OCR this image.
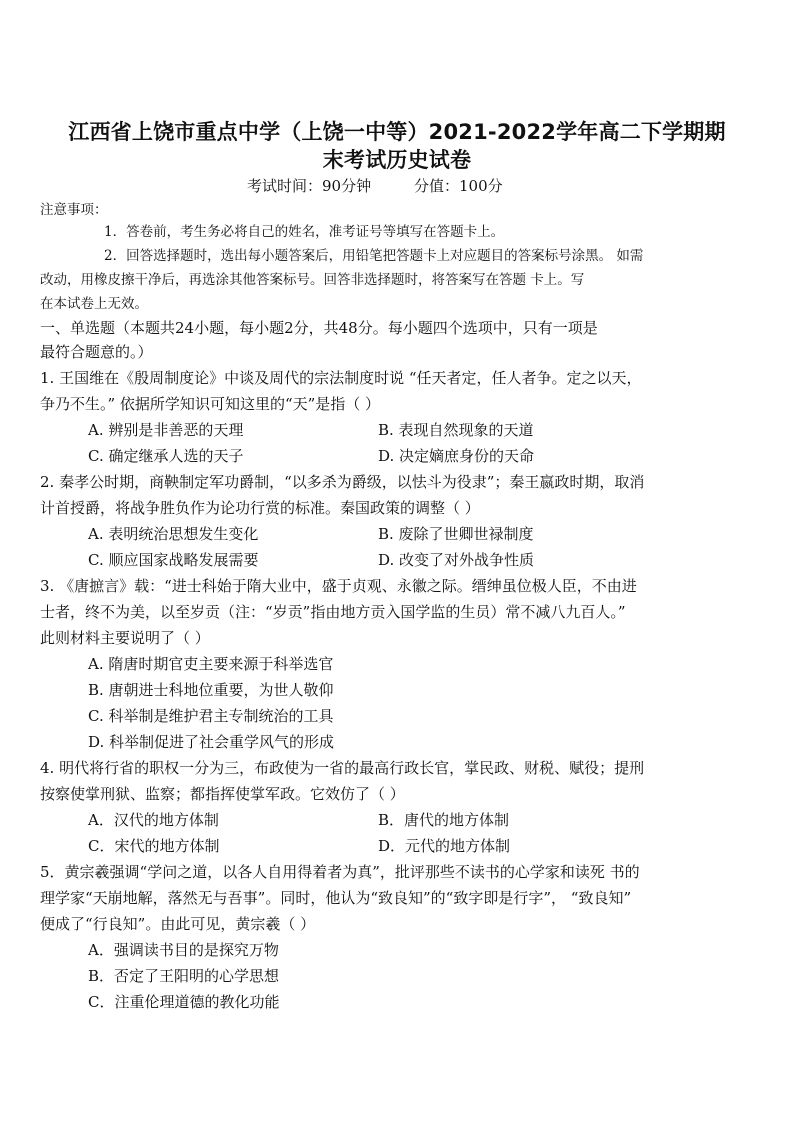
江西省上饶市重点中学（上饶一中等）2021-2022学年高二下学期期
末考试历史试卷
考试时间：90分钟	分值：100分
注意事项：
1．答卷前，考生务必将自己的姓名，准考证号等填写在答题卡上。
2．回答选择题时，选出每小题答案后，用铅笔把答题卡上对应题目的答案标号涂黑。 如需
改动，用橡皮擦干净后，再选涂其他答案标号。回答非选择题时，将答案写在答题 卡上。写
在本试卷上无效。
一、单选题（本题共24小题，每小题2分，共48分。每小题四个选项中，只有一项是
最符合题意的。）
1. 王国维在《殷周制度论》中谈及周代的宗法制度时说 “任天者定，任人者争。定之以天，
争乃不生。” 依据所学知识可知这里的“天”是指（ ）
A. 辨别是非善恶的天理	B. 表现自然现象的天道
C. 确定继承人选的天子	D. 决定嫡庶身份的天命
2. 秦孝公时期，商鞅制定军功爵制，“以多杀为爵级，以怯斗为役隶”；秦王嬴政时期，取消
计首授爵，将战争胜负作为论功行赏的标准。秦国政策的调整（ ）
A. 表明统治思想发生变化	B. 废除了世卿世禄制度
C. 顺应国家战略发展需要	D. 改变了对外战争性质
3. 《唐摭言》载：“进士科始于隋大业中，盛于贞观、永徽之际。缙绅虽位极人臣，不由进
士者，终不为美，以至岁贡（注：“岁贡”指由地方贡入国学监的生员）常不减八九百人。”
此则材料主要说明了（ ）
A. 隋唐时期官吏主要来源于科举选官
B. 唐朝进士科地位重要，为世人敬仰
C. 科举制是维护君主专制统治的工具
D. 科举制促进了社会重学风气的形成
4. 明代将行省的职权一分为三，布政使为一省的最高行政长官，掌民政、财税、赋役；提刑
按察使掌刑狱、监察；都指挥使掌军政。它效仿了（ ）
A．汉代的地方体制	B．唐代的地方体制
C．宋代的地方体制	D．元代的地方体制
5．黄宗羲强调“学问之道，以各人自用得着者为真”，批评那些不读书的心学家和读死 书的
理学家“天崩地解，落然无与吾事”。同时，他认为“致良知”的“致字即是行字”， “致良知”
便成了“行良知”。由此可见，黄宗羲（ ）
A．强调读书目的是探究万物
B．否定了王阳明的心学思想
C．注重伦理道德的教化功能
